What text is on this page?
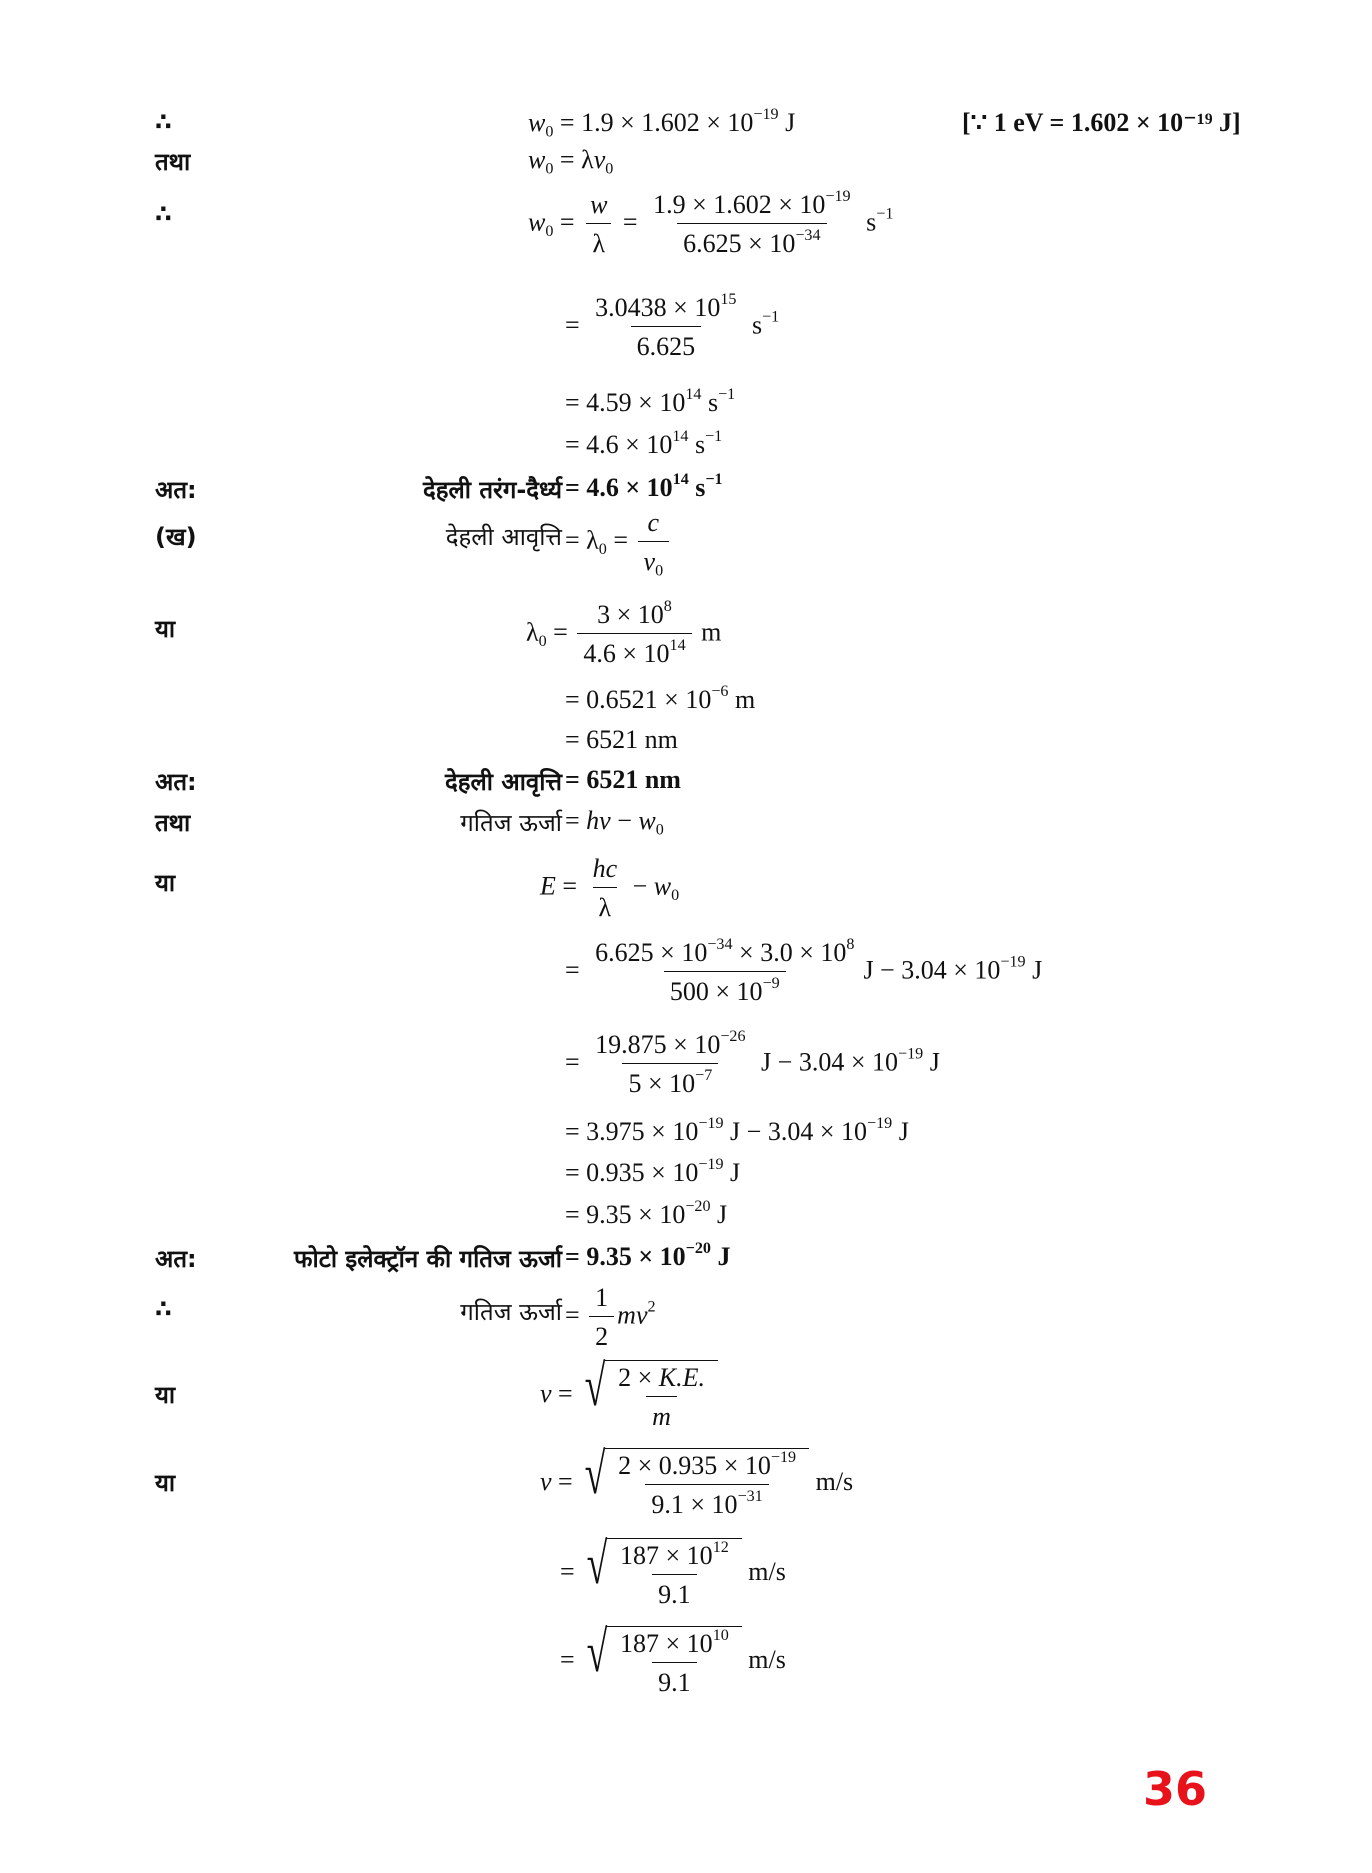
∴	$w_0 = 1.9 \times 1.602 \times 10^{-19}$ J	[∵ 1 eV = 1.602 × 10⁻¹⁹ J]
तथा	$w_0 = \lambda v_0$
∴	$w_0 = \frac{w}{\lambda} = \frac{1.9 \times 1.602 \times 10^{-19}}{6.625 \times 10^{-34}} s^{-1}$
= $\frac{3.0438 \times 10^{15}}{6.625} s^{-1}$
= $4.59 \times 10^{14}$ $s^{-1}$
= $4.6 \times 10^{14}$ $s^{-1}$
अत:	देहली तरंग-दैर्ध्य = $4.6 \times 10^{14}$ $s^{-1}$
(ख)	देहली आवृत्ति = $\lambda_0 = \frac{c}{v_0}$
या	$\lambda_0 = \frac{3 \times 10^8}{4.6 \times 10^{14}}$ m
= $0.6521 \times 10^{-6}$ m
= 6521 nm
अत:	देहली आवृत्ति = 6521 nm
तथा	गतिज ऊर्जा = hv − $w_0$
या	$E = \frac{hc}{\lambda} - w_0$
= $\frac{6.625 \times 10^{-34} \times 3.0 \times 10^8}{500 \times 10^{-9}}$ $J - 3.04 \times 10^{-19}$ J
= $\frac{19.875 \times 10^{-26}}{5 \times 10^{-7}}$ $J - 3.04 \times 10^{-19}$ J
= $3.975 \times 10^{-19}$ $J - 3.04 \times 10^{-19}$ J
= $0.935 \times 10^{-19}$ J
= $9.35 \times 10^{-20}$ J
अत:	फोटो इलेक्ट्रॉन की गतिज ऊर्जा = $9.35 \times 10^{-20}$ J
∴	गतिज ऊर्जा = $\frac{1}{2} mv^2$
या	v = √ $\frac{2 \times K.E.}{m}$
या	v = √ $\frac{2 \times 0.935 \times 10^{-19}}{9.1 \times 10^{-31}} m/s$
= √ $\frac{187 \times 10^{12}}{9.1} m/s$
= √ $\frac{187 \times 10^{10}}{9.1} m/s$
36
